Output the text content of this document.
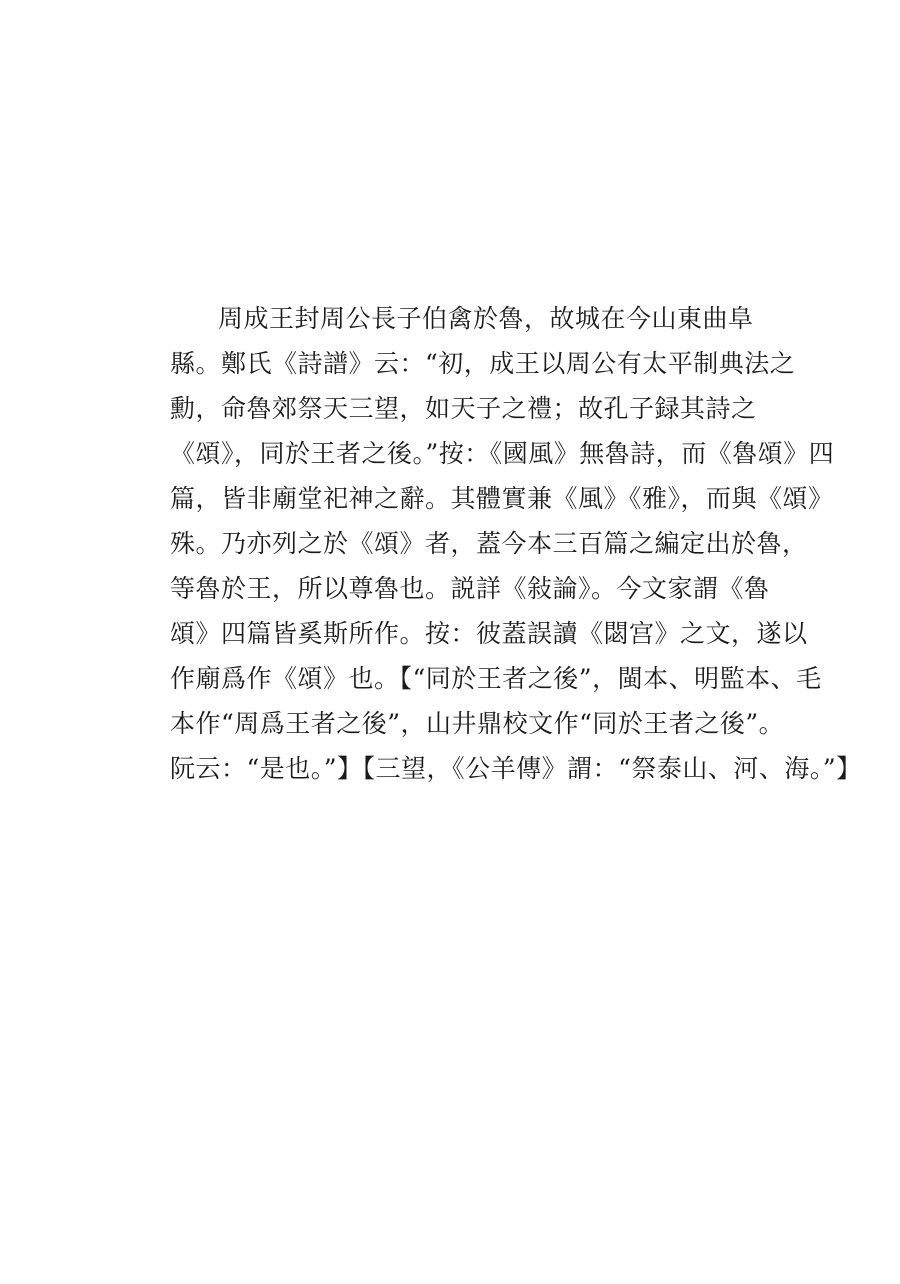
周成王封周公長子伯禽於魯，故城在今山東曲阜
縣。鄭氏《詩譜》云：“初，成王以周公有太平制典法之
勳，命魯郊祭天三望，如天子之禮；故孔子録其詩之
《頌》，同於王者之後。”按：《國風》無魯詩，而《魯頌》四
篇，皆非廟堂祀神之辭。其體實兼《風》《雅》，而與《頌》
殊。乃亦列之於《頌》者，蓋今本三百篇之編定出於魯，
等魯於王，所以尊魯也。説詳《敍論》。今文家謂《魯
頌》四篇皆奚斯所作。按：彼蓋誤讀《閟宫》之文，遂以
作廟爲作《頌》也。【“同於王者之後”，閩本、明監本、毛
本作“周爲王者之後”，山井鼎校文作“同於王者之後”。
阮云：“是也。”】【三望，《公羊傳》謂：“祭泰山、河、海。”】
